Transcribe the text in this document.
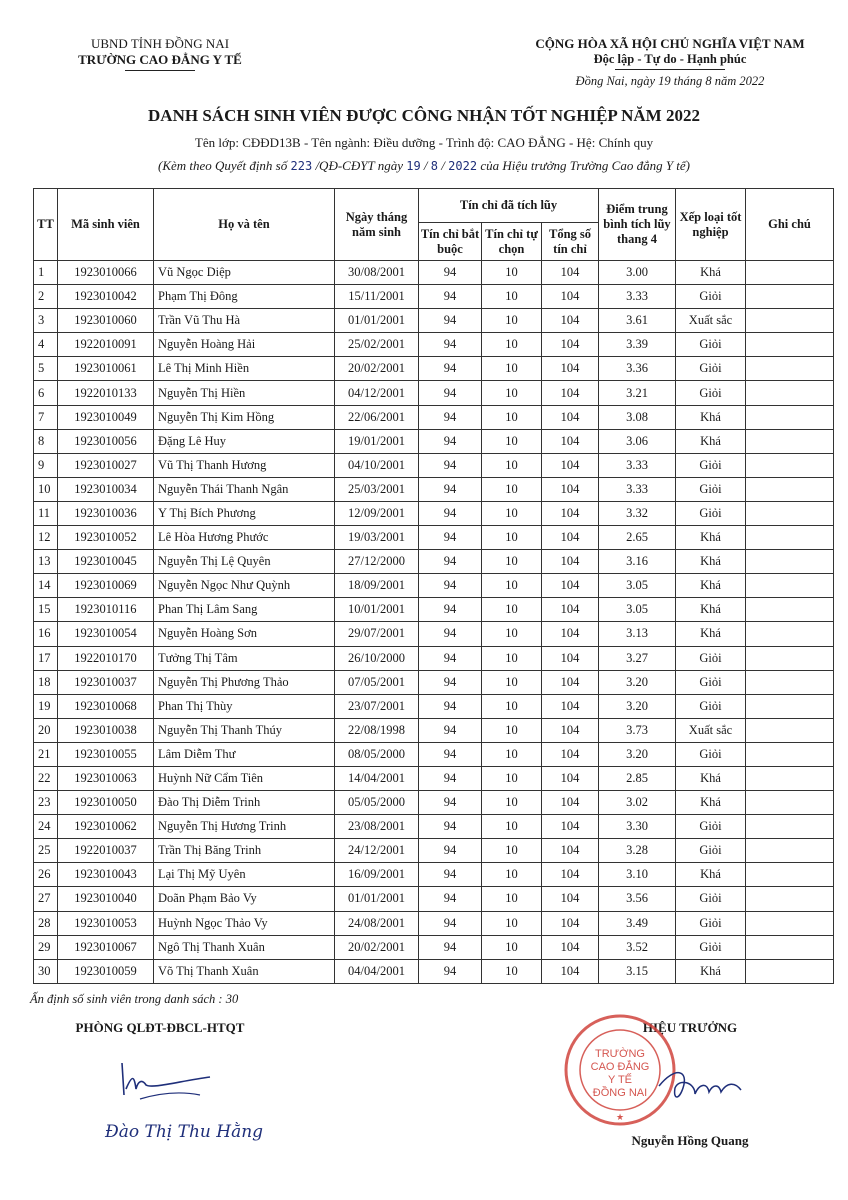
UBND TỈNH ĐỒNG NAI
TRƯỜNG CAO ĐẲNG Y TẾ
CỘNG HÒA XÃ HỘI CHỦ NGHĨA VIỆT NAM
Độc lập - Tự do - Hạnh phúc
Đồng Nai, ngày 19 tháng 8 năm 2022
DANH SÁCH SINH VIÊN ĐƯỢC CÔNG NHẬN TỐT NGHIỆP NĂM 2022
Tên lớp: CĐĐD13B - Tên ngành: Điều dưỡng - Trình độ: CAO ĐẲNG - Hệ: Chính quy
(Kèm theo Quyết định số 223 /QĐ-CĐYT ngày 19 / 8 / 2022 của Hiệu trưởng Trường Cao đẳng Y tế)
TT	Mã sinh viên	Họ và tên	Ngày tháng năm sinh	Tín chỉ đã tích lũy			Điểm trung bình tích lũy thang 4	Xếp loại tốt nghiệp	Ghi chú
				Tín chỉ bắt buộc	Tín chỉ tự chọn	Tổng số tín chỉ			
1	1923010066	Vũ Ngọc Diệp	30/08/2001	94	10	104	3.00	Khá	
2	1923010042	Phạm Thị Đông	15/11/2001	94	10	104	3.33	Giỏi	
3	1923010060	Trần Vũ Thu Hà	01/01/2001	94	10	104	3.61	Xuất sắc	
4	1922010091	Nguyễn Hoàng Hải	25/02/2001	94	10	104	3.39	Giỏi	
5	1923010061	Lê Thị Minh Hiền	20/02/2001	94	10	104	3.36	Giỏi	
6	1922010133	Nguyễn Thị Hiền	04/12/2001	94	10	104	3.21	Giỏi	
7	1923010049	Nguyễn Thị Kim Hồng	22/06/2001	94	10	104	3.08	Khá	
8	1923010056	Đặng Lê Huy	19/01/2001	94	10	104	3.06	Khá	
9	1923010027	Vũ Thị Thanh Hương	04/10/2001	94	10	104	3.33	Giỏi	
10	1923010034	Nguyễn Thái Thanh Ngân	25/03/2001	94	10	104	3.33	Giỏi	
11	1923010036	Y Thị Bích Phương	12/09/2001	94	10	104	3.32	Giỏi	
12	1923010052	Lê Hòa Hương Phước	19/03/2001	94	10	104	2.65	Khá	
13	1923010045	Nguyễn Thị Lệ Quyên	27/12/2000	94	10	104	3.16	Khá	
14	1923010069	Nguyễn Ngọc Như Quỳnh	18/09/2001	94	10	104	3.05	Khá	
15	1923010116	Phan Thị Lâm Sang	10/01/2001	94	10	104	3.05	Khá	
16	1923010054	Nguyễn Hoàng Sơn	29/07/2001	94	10	104	3.13	Khá	
17	1922010170	Tưởng Thị Tâm	26/10/2000	94	10	104	3.27	Giỏi	
18	1923010037	Nguyễn Thị Phương Thảo	07/05/2001	94	10	104	3.20	Giỏi	
19	1923010068	Phan Thị Thùy	23/07/2001	94	10	104	3.20	Giỏi	
20	1923010038	Nguyễn Thị Thanh Thúy	22/08/1998	94	10	104	3.73	Xuất sắc	
21	1923010055	Lâm Diễm Thư	08/05/2000	94	10	104	3.20	Giỏi	
22	1923010063	Huỳnh Nữ Cẩm Tiên	14/04/2001	94	10	104	2.85	Khá	
23	1923010050	Đào Thị Diễm Trinh	05/05/2000	94	10	104	3.02	Khá	
24	1923010062	Nguyễn Thị Hương Trinh	23/08/2001	94	10	104	3.30	Giỏi	
25	1922010037	Trần Thị Băng Trinh	24/12/2001	94	10	104	3.28	Giỏi	
26	1923010043	Lại Thị Mỹ Uyên	16/09/2001	94	10	104	3.10	Khá	
27	1923010040	Doãn Phạm Bảo Vy	01/01/2001	94	10	104	3.56	Giỏi	
28	1923010053	Huỳnh Ngọc Thảo Vy	24/08/2001	94	10	104	3.49	Giỏi	
29	1923010067	Ngô Thị Thanh Xuân	20/02/2001	94	10	104	3.52	Giỏi	
30	1923010059	Võ Thị Thanh Xuân	04/04/2001	94	10	104	3.15	Khá	
Ấn định số sinh viên trong danh sách : 30
PHÒNG QLĐT-ĐBCL-HTQT
Đào Thị Thu Hằng
HIỆU TRƯỞNG
TRƯỜNG
CAO ĐẲNG
Y TẾ
ĐỒNG NAI
★
Nguyễn Hồng Quang
